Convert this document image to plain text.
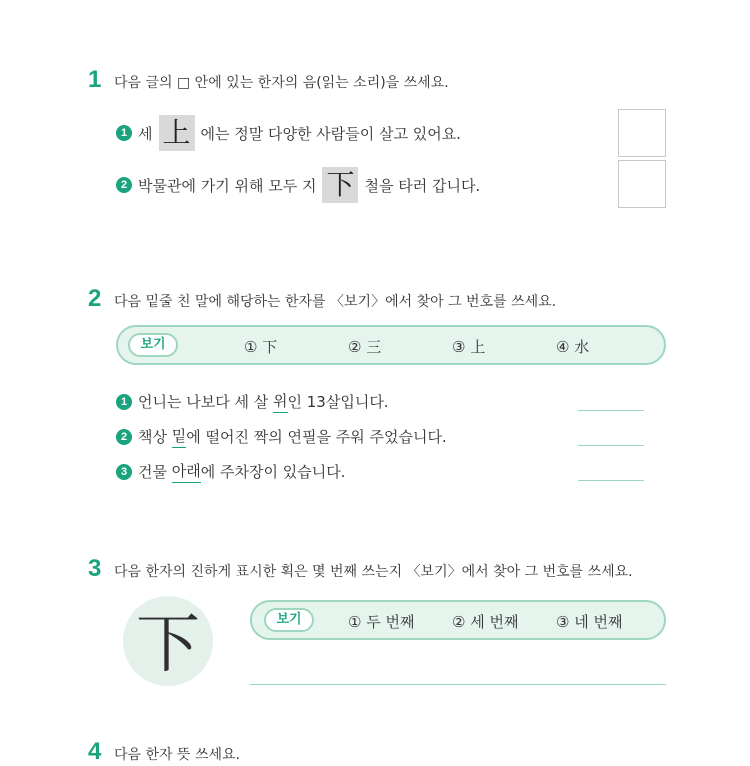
1 다음 글의 □ 안에 있는 한자의 음(읽는 소리)을 쓰세요.
1 세 上 에는 정말 다양한 사람들이 살고 있어요.
2 박물관에 가기 위해 모두 지 下 철을 타러 갑니다.
2 다음 밑줄 친 말에 해당하는 한자를 〈보기〉에서 찾아 그 번호를 쓰세요.
보기	① 下	② 三	③ 上	④ 水
1 언니는 나보다 세 살 위 인 13살입니다.
2 책상 밑 에 떨어진 짝의 연필을 주워 주었습니다.
3 건물 아래 에 주차장이 있습니다.
3 다음 한자의 진하게 표시한 획은 몇 번째 쓰는지 〈보기〉에서 찾아 그 번호를 쓰세요.
下	보기	① 두 번째	② 세 번째	③ 네 번째
4 다음 한자 뜻 쓰세요.
